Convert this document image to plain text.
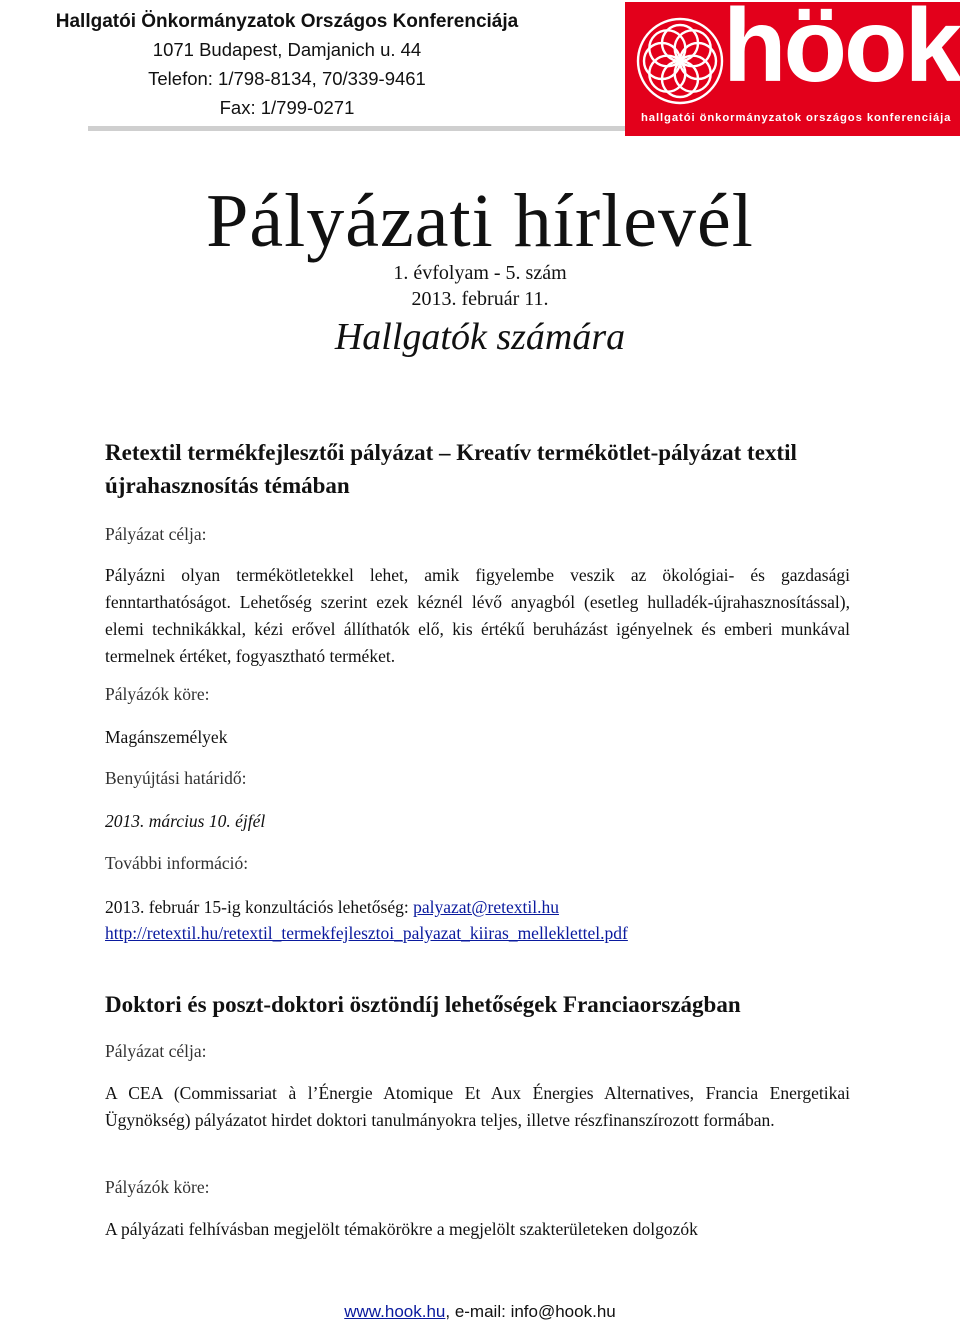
Hallgatói Önkormányzatok Országos Konferenciája
1071 Budapest, Damjanich u. 44
Telefon: 1/798-8134, 70/339-9461
Fax: 1/799-0271
höok
hallgatói önkormányzatok országos konferenciája
Pályázati hírlevél
1. évfolyam - 5. szám
2013. február 11.
Hallgatók számára
Retextil termékfejlesztői pályázat – Kreatív termékötlet-pályázat textil újrahasznosítás témában
Pályázat célja:
Pályázni olyan termékötletekkel lehet, amik figyelembe veszik az ökológiai- és gazdasági fenntarthatóságot. Lehetőség szerint ezek kéznél lévő anyagból (esetleg hulladék-újrahasznosítással), elemi technikákkal, kézi erővel állíthatók elő, kis értékű beruházást igényelnek és emberi munkával termelnek értéket, fogyasztható terméket.
Pályázók köre:
Magánszemélyek
Benyújtási határidő:
2013. március 10. éjfél
További információ:
2013. február 15-ig konzultációs lehetőség: palyazat@retextil.hu
http://retextil.hu/retextil_termekfejlesztoi_palyazat_kiiras_melleklettel.pdf
Doktori és poszt-doktori ösztöndíj lehetőségek Franciaországban
Pályázat célja:
A CEA (Commissariat à l’Énergie Atomique Et Aux Énergies Alternatives, Francia Energetikai Ügynökség) pályázatot hirdet doktori tanulmányokra teljes, illetve részfinanszírozott formában.
Pályázók köre:
A pályázati felhívásban megjelölt témakörökre a megjelölt szakterületeken dolgozók
www.hook.hu, e-mail: info@hook.hu
